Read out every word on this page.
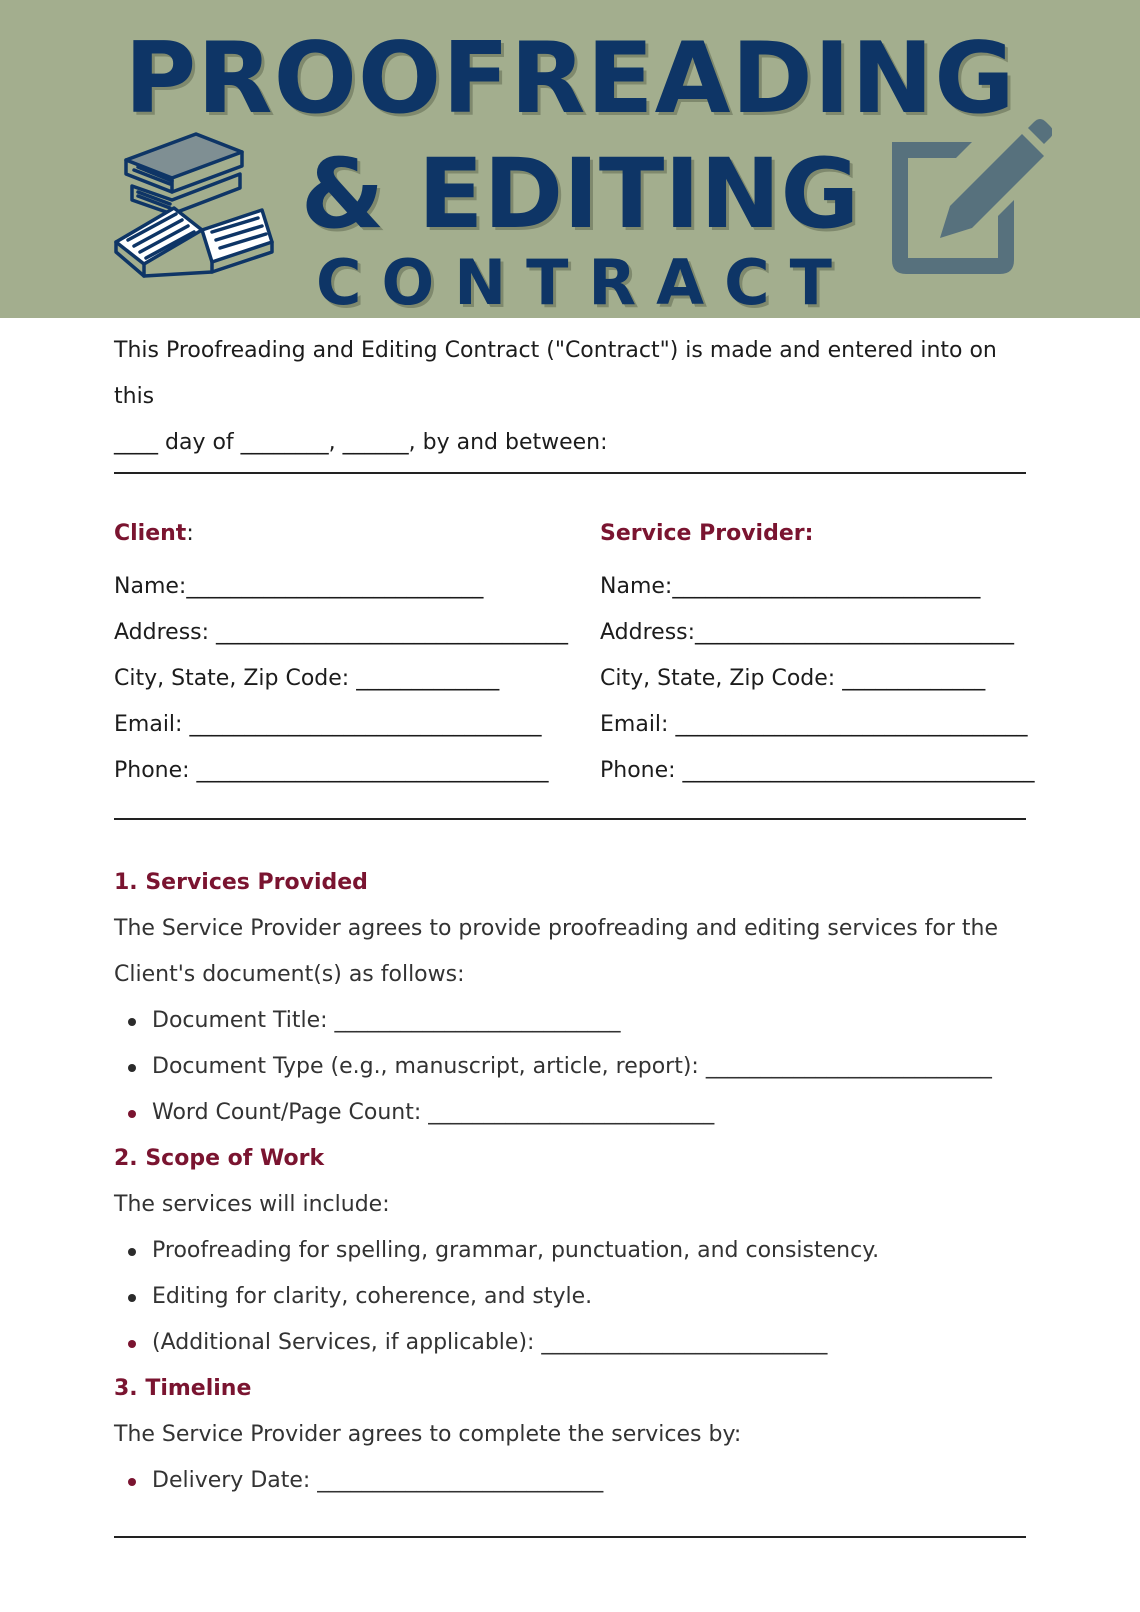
PROOFREADING
& EDITING
CONTRACT

This Proofreading and Editing Contract ("Contract") is made and entered into on this
____ day of ________, ______, by and between:

Client:

Name:___________________________
Address: ________________________________
City, State, Zip Code: _____________
Email: ________________________________
Phone: ________________________________

Service Provider:

Name:____________________________
Address:_____________________________
City, State, Zip Code: _____________
Email: ________________________________
Phone: ________________________________
1. Services Provided

The Service Provider agrees to provide proofreading and editing services for the
Client's document(s) as follows:

Document Title: __________________________
Document Type (e.g., manuscript, article, report): __________________________
Word Count/Page Count: __________________________
2. Scope of Work

The services will include:

Proofreading for spelling, grammar, punctuation, and consistency.
Editing for clarity, coherence, and style.
(Additional Services, if applicable): __________________________
3. Timeline

The Service Provider agrees to complete the services by:

Delivery Date: __________________________
